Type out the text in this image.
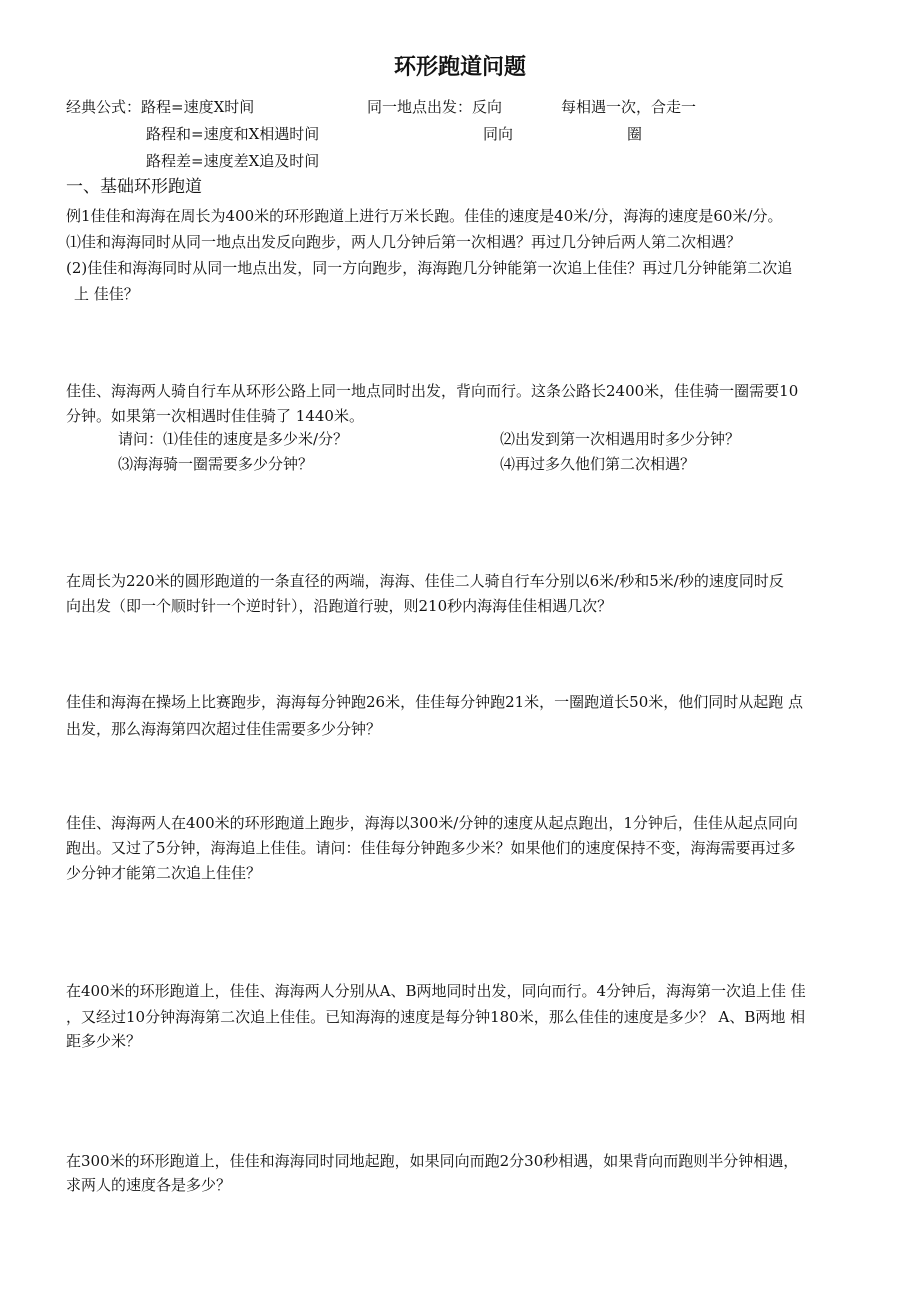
环形跑道问题
经典公式：路程=速度X时间
路程和=速度和X相遇时间
路程差=速度差X追及时间
同一地点出发：反向
同向
每相遇一次，合走一
圈
一、基础环形跑道
例1佳佳和海海在周长为400米的环形跑道上进行万米长跑。佳佳的速度是40米/分，海海的速度是60米/分。
⑴佳和海海同时从同一地点出发反向跑步，两人几分钟后第一次相遇？再过几分钟后两人第二次相遇？
(2)佳佳和海海同时从同一地点出发，同一方向跑步，海海跑几分钟能第一次追上佳佳？再过几分钟能第二次追
上 佳佳？
佳佳、海海两人骑自行车从环形公路上同一地点同时出发，背向而行。这条公路长2400米，佳佳骑一圈需要10
分钟。如果第一次相遇时佳佳骑了 1440米。
请问：⑴佳佳的速度是多少米/分？	⑵出发到第一次相遇用时多少分钟？
⑶海海骑一圈需要多少分钟？	⑷再过多久他们第二次相遇？
在周长为220米的圆形跑道的一条直径的两端，海海、佳佳二人骑自行车分别以6米/秒和5米/秒的速度同时反
向出发（即一个顺时针一个逆时针），沿跑道行驶，则210秒内海海佳佳相遇几次？
佳佳和海海在操场上比赛跑步，海海每分钟跑26米，佳佳每分钟跑21米，一圈跑道长50米，他们同时从起跑 点
出发，那么海海第四次超过佳佳需要多少分钟？
佳佳、海海两人在400米的环形跑道上跑步，海海以300米/分钟的速度从起点跑出，1分钟后，佳佳从起点同向
跑出。又过了5分钟，海海追上佳佳。请问：佳佳每分钟跑多少米？如果他们的速度保持不变，海海需要再过多
少分钟才能第二次追上佳佳？
在400米的环形跑道上，佳佳、海海两人分别从A、B两地同时出发，同向而行。4分钟后，海海第一次追上佳 佳
，又经过10分钟海海第二次追上佳佳。已知海海的速度是每分钟180米，那么佳佳的速度是多少？ A、B两地 相
距多少米？
在300米的环形跑道上，佳佳和海海同时同地起跑，如果同向而跑2分30秒相遇，如果背向而跑则半分钟相遇，
求两人的速度各是多少？
